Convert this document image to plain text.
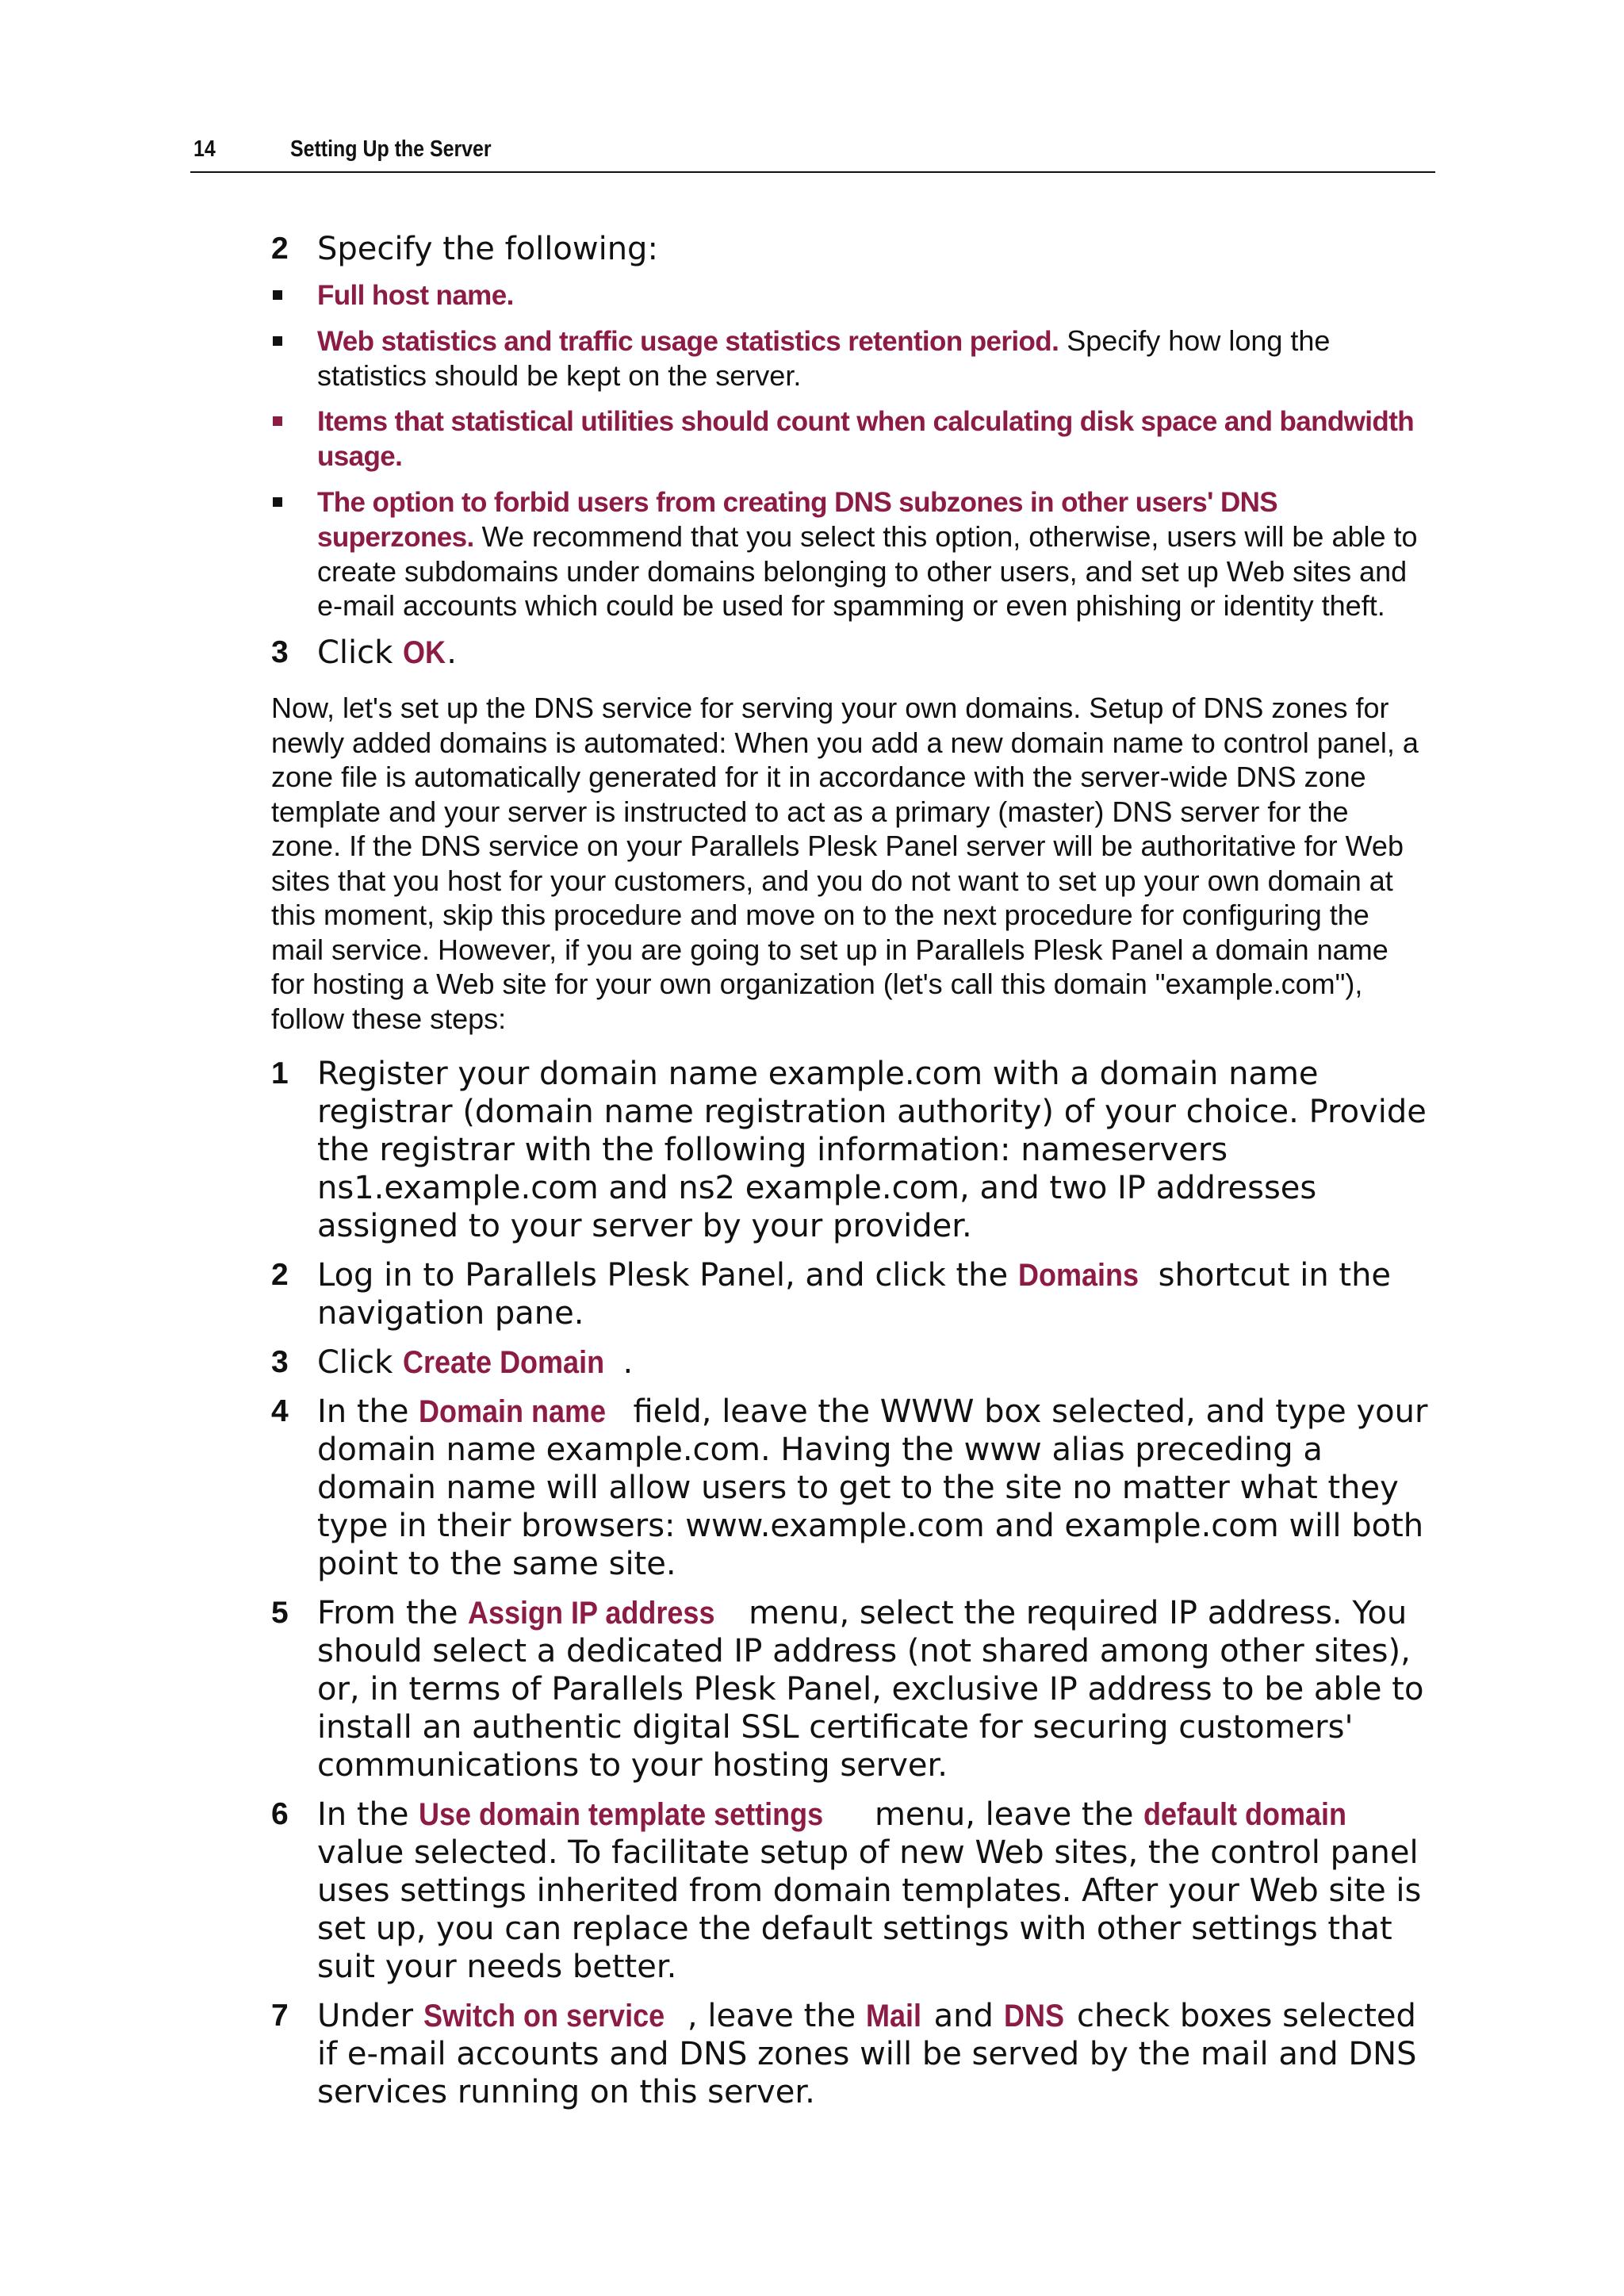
14	Setting Up the Server
2 Specify the following:
Full host name.
Web statistics and traffic usage statistics retention period. Specify how long the statistics should be kept on the server.
Items that statistical utilities should count when calculating disk space and bandwidth usage.
The option to forbid users from creating DNS subzones in other users' DNS superzones. We recommend that you select this option, otherwise, users will be able to create subdomains under domains belonging to other users, and set up Web sites and e-mail accounts which could be used for spamming or even phishing or identity theft.
3 Click OK.

Now, let's set up the DNS service for serving your own domains. Setup of DNS zones for newly added domains is automated: When you add a new domain name to control panel, a zone file is automatically generated for it in accordance with the server-wide DNS zone template and your server is instructed to act as a primary (master) DNS server for the zone. If the DNS service on your Parallels Plesk Panel server will be authoritative for Web sites that you host for your customers, and you do not want to set up your own domain at this moment, skip this procedure and move on to the next procedure for configuring the mail service. However, if you are going to set up in Parallels Plesk Panel a domain name for hosting a Web site for your own organization (let's call this domain "example.com"), follow these steps:

1 Register your domain name example.com with a domain name registrar (domain name registration authority) of your choice. Provide the registrar with the following information: nameservers ns1.example.com and ns2 example.com, and two IP addresses assigned to your server by your provider.
2 Log in to Parallels Plesk Panel, and click the Domains shortcut in the navigation pane.
3 Click Create Domain .
4 In the Domain name field, leave the WWW box selected, and type your domain name example.com. Having the www alias preceding a domain name will allow users to get to the site no matter what they type in their browsers: www.example.com and example.com will both point to the same site.
5 From the Assign IP address menu, select the required IP address. You should select a dedicated IP address (not shared among other sites), or, in terms of Parallels Plesk Panel, exclusive IP address to be able to install an authentic digital SSL certificate for securing customers' communications to your hosting server.
6 In the Use domain template settings menu, leave the default domain value selected. To facilitate setup of new Web sites, the control panel uses settings inherited from domain templates. After your Web site is set up, you can replace the default settings with other settings that suit your needs better.
7 Under Switch on service , leave the Mail and DNS check boxes selected if e-mail accounts and DNS zones will be served by the mail and DNS services running on this server.
